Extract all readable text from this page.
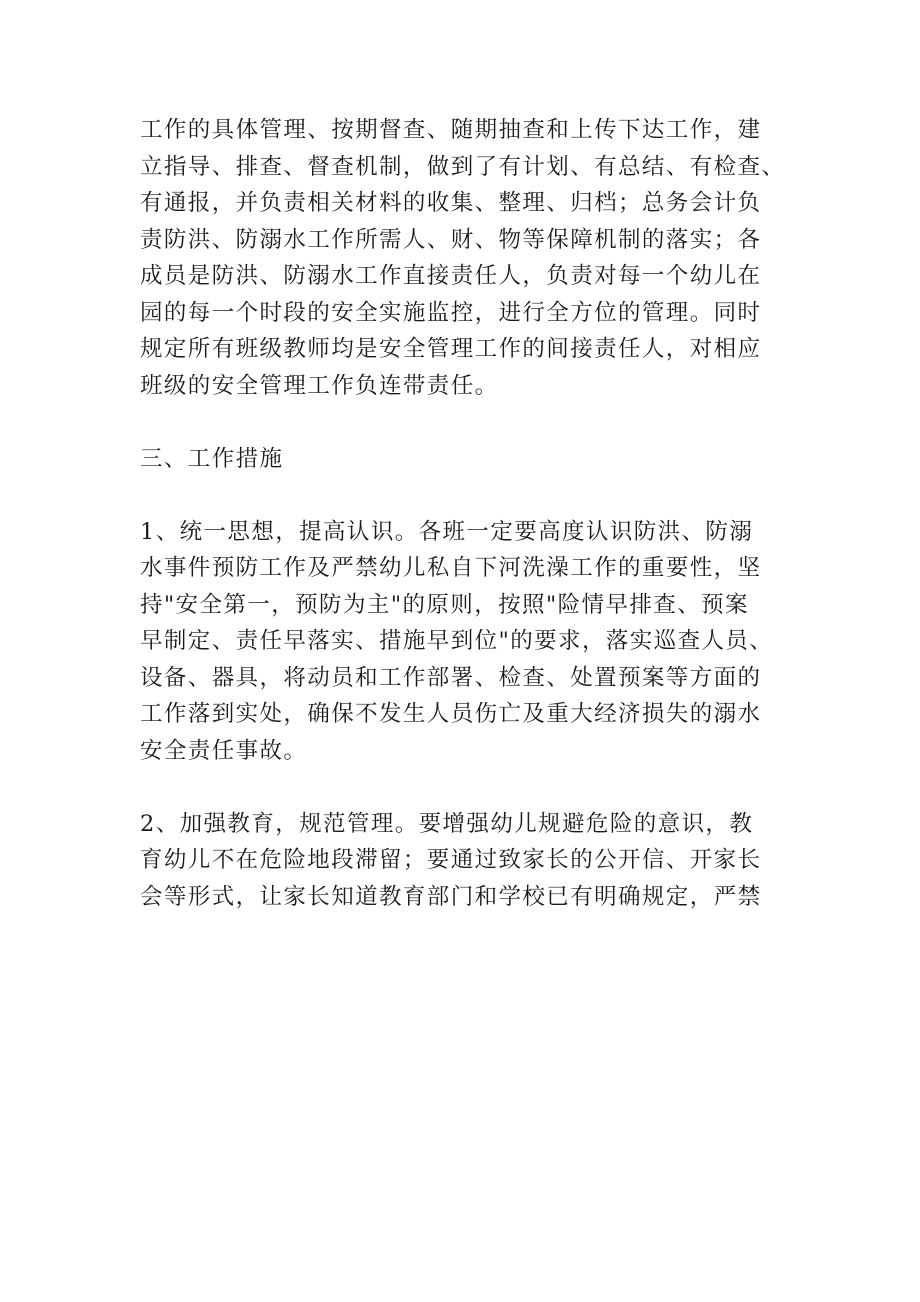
工作的具体管理、按期督查、随期抽查和上传下达工作，建
立指导、排查、督查机制，做到了有计划、有总结、有检查、
有通报，并负责相关材料的收集、整理、归档；总务会计负
责防洪、防溺水工作所需人、财、物等保障机制的落实；各
成员是防洪、防溺水工作直接责任人，负责对每一个幼儿在
园的每一个时段的安全实施监控，进行全方位的管理。同时
规定所有班级教师均是安全管理工作的间接责任人，对相应
班级的安全管理工作负连带责任。

三、工作措施

1、统一思想，提高认识。各班一定要高度认识防洪、防溺
水事件预防工作及严禁幼儿私自下河洗澡工作的重要性，坚
持"安全第一，预防为主"的原则，按照"险情早排查、预案
早制定、责任早落实、措施早到位"的要求，落实巡查人员、
设备、器具，将动员和工作部署、检查、处置预案等方面的
工作落到实处，确保不发生人员伤亡及重大经济损失的溺水
安全责任事故。

2、加强教育，规范管理。要增强幼儿规避危险的意识，教
育幼儿不在危险地段滞留；要通过致家长的公开信、开家长
会等形式，让家长知道教育部门和学校已有明确规定，严禁
